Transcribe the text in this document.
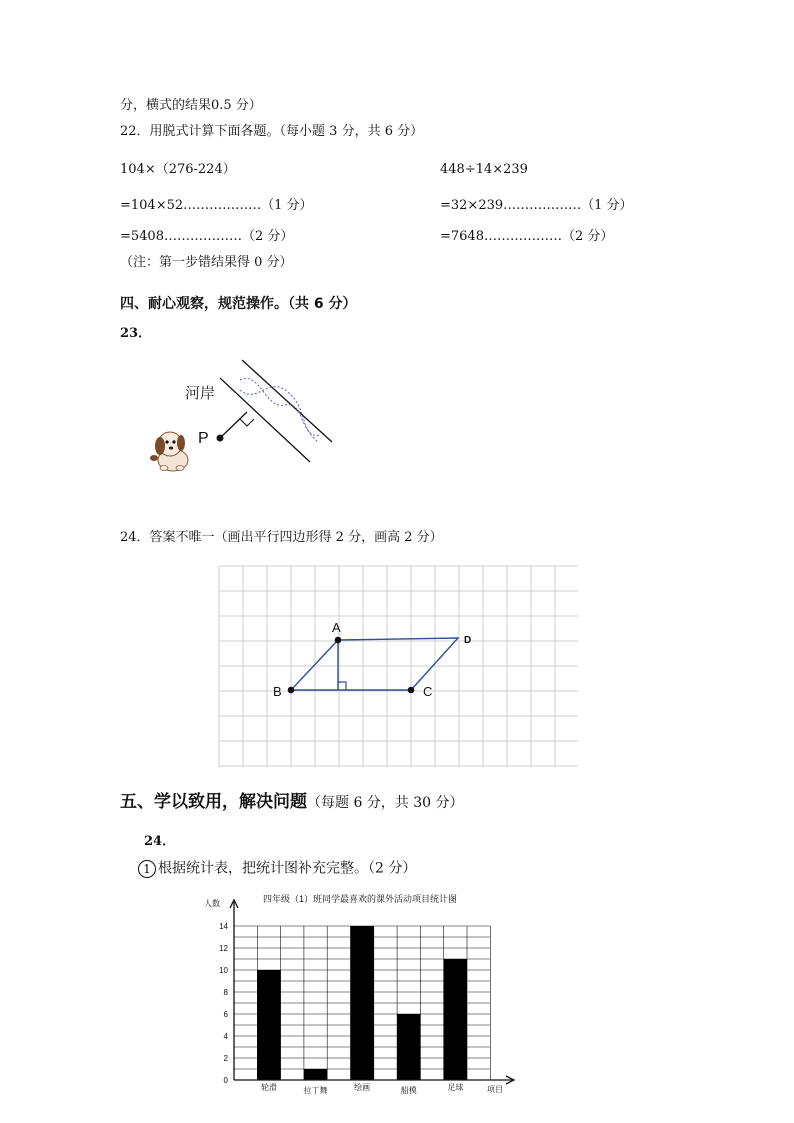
分，横式的结果0.5 分）
22．用脱式计算下面各题。（每小题 3 分，共 6 分）
104×（276-224）	448÷14×239
=104×52………………（1 分）	=32×239………………（1 分）
=5408………………（2 分）	=7648………………（2 分）
（注：第一步错结果得 0 分）
四、耐心观察，规范操作。（共 6 分）
23．
P
河岸
24．答案不唯一（画出平行四边形得 2 分，画高 2 分）
A
B	C
D
五、学以致用，解决问题（每题 6 分，共 30 分）
24．
1 根据统计表，把统计图补充完整。（2 分）
四年级（1）班同学最喜欢的课外活动项目统计图
人数
项目
0
2
4
6
8
10
12
14
轮滑	拉丁舞	绘画	船模	足球
